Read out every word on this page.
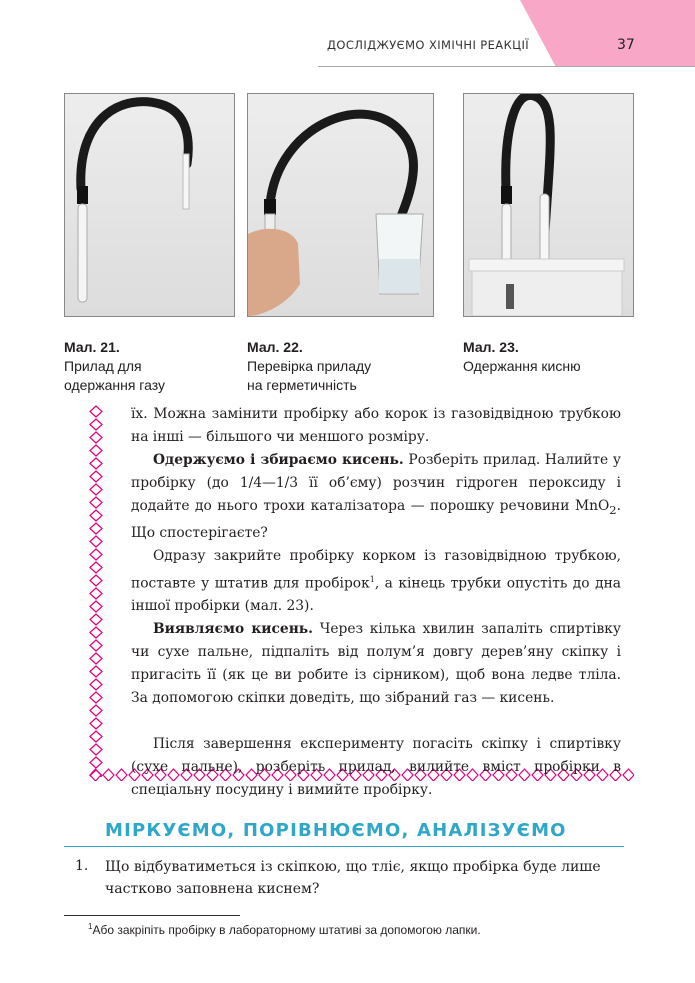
ДОСЛІДЖУЄМО ХІМІЧНІ РЕАКЦІЇ	37
Мал. 21.
Прилад для
одержання газу
Мал. 22.
Перевірка приладу
на герметичність
Мал. 23.
Одержання кисню

їх. Можна замінити пробірку або корок із газовідвідною трубкою на інші — більшого чи меншого розміру.

Одержуємо і збираємо кисень. Розберіть прилад. Налийте у пробірку (до 1/4—1/3 її об’єму) розчин гідроген пероксиду і додайте до нього трохи каталізатора — порошку речовини MnO$_2$. Що спостерігаєте?

Одразу закрийте пробірку корком із газовідвідною трубкою, поставте у штатив для пробірок$^1$, а кінець трубки опустіть до дна іншої пробірки (мал. 23).

Виявляємо кисень. Через кілька хвилин запаліть спиртівку чи сухе пальне, підпаліть від полум’я довгу дерев’яну скіпку і пригасіть її (як це ви робите із сірником), щоб вона ледве тліла. За допомогою скіпки доведіть, що зібраний газ — кисень.

Після завершення експерименту погасіть скіпку і спиртівку (сухе пальне), розберіть прилад, вилийте вміст пробірки в спеціальну посудину і вимийте пробірку.

МІРКУЄМО, ПОРІВНЮЄМО, АНАЛІЗУЄМО
1. Що відбуватиметься із скіпкою, що тліє, якщо пробірка буде лише частково заповнена киснем?
$^1$Або закріпіть пробірку в лабораторному штативі за допомогою лапки.
